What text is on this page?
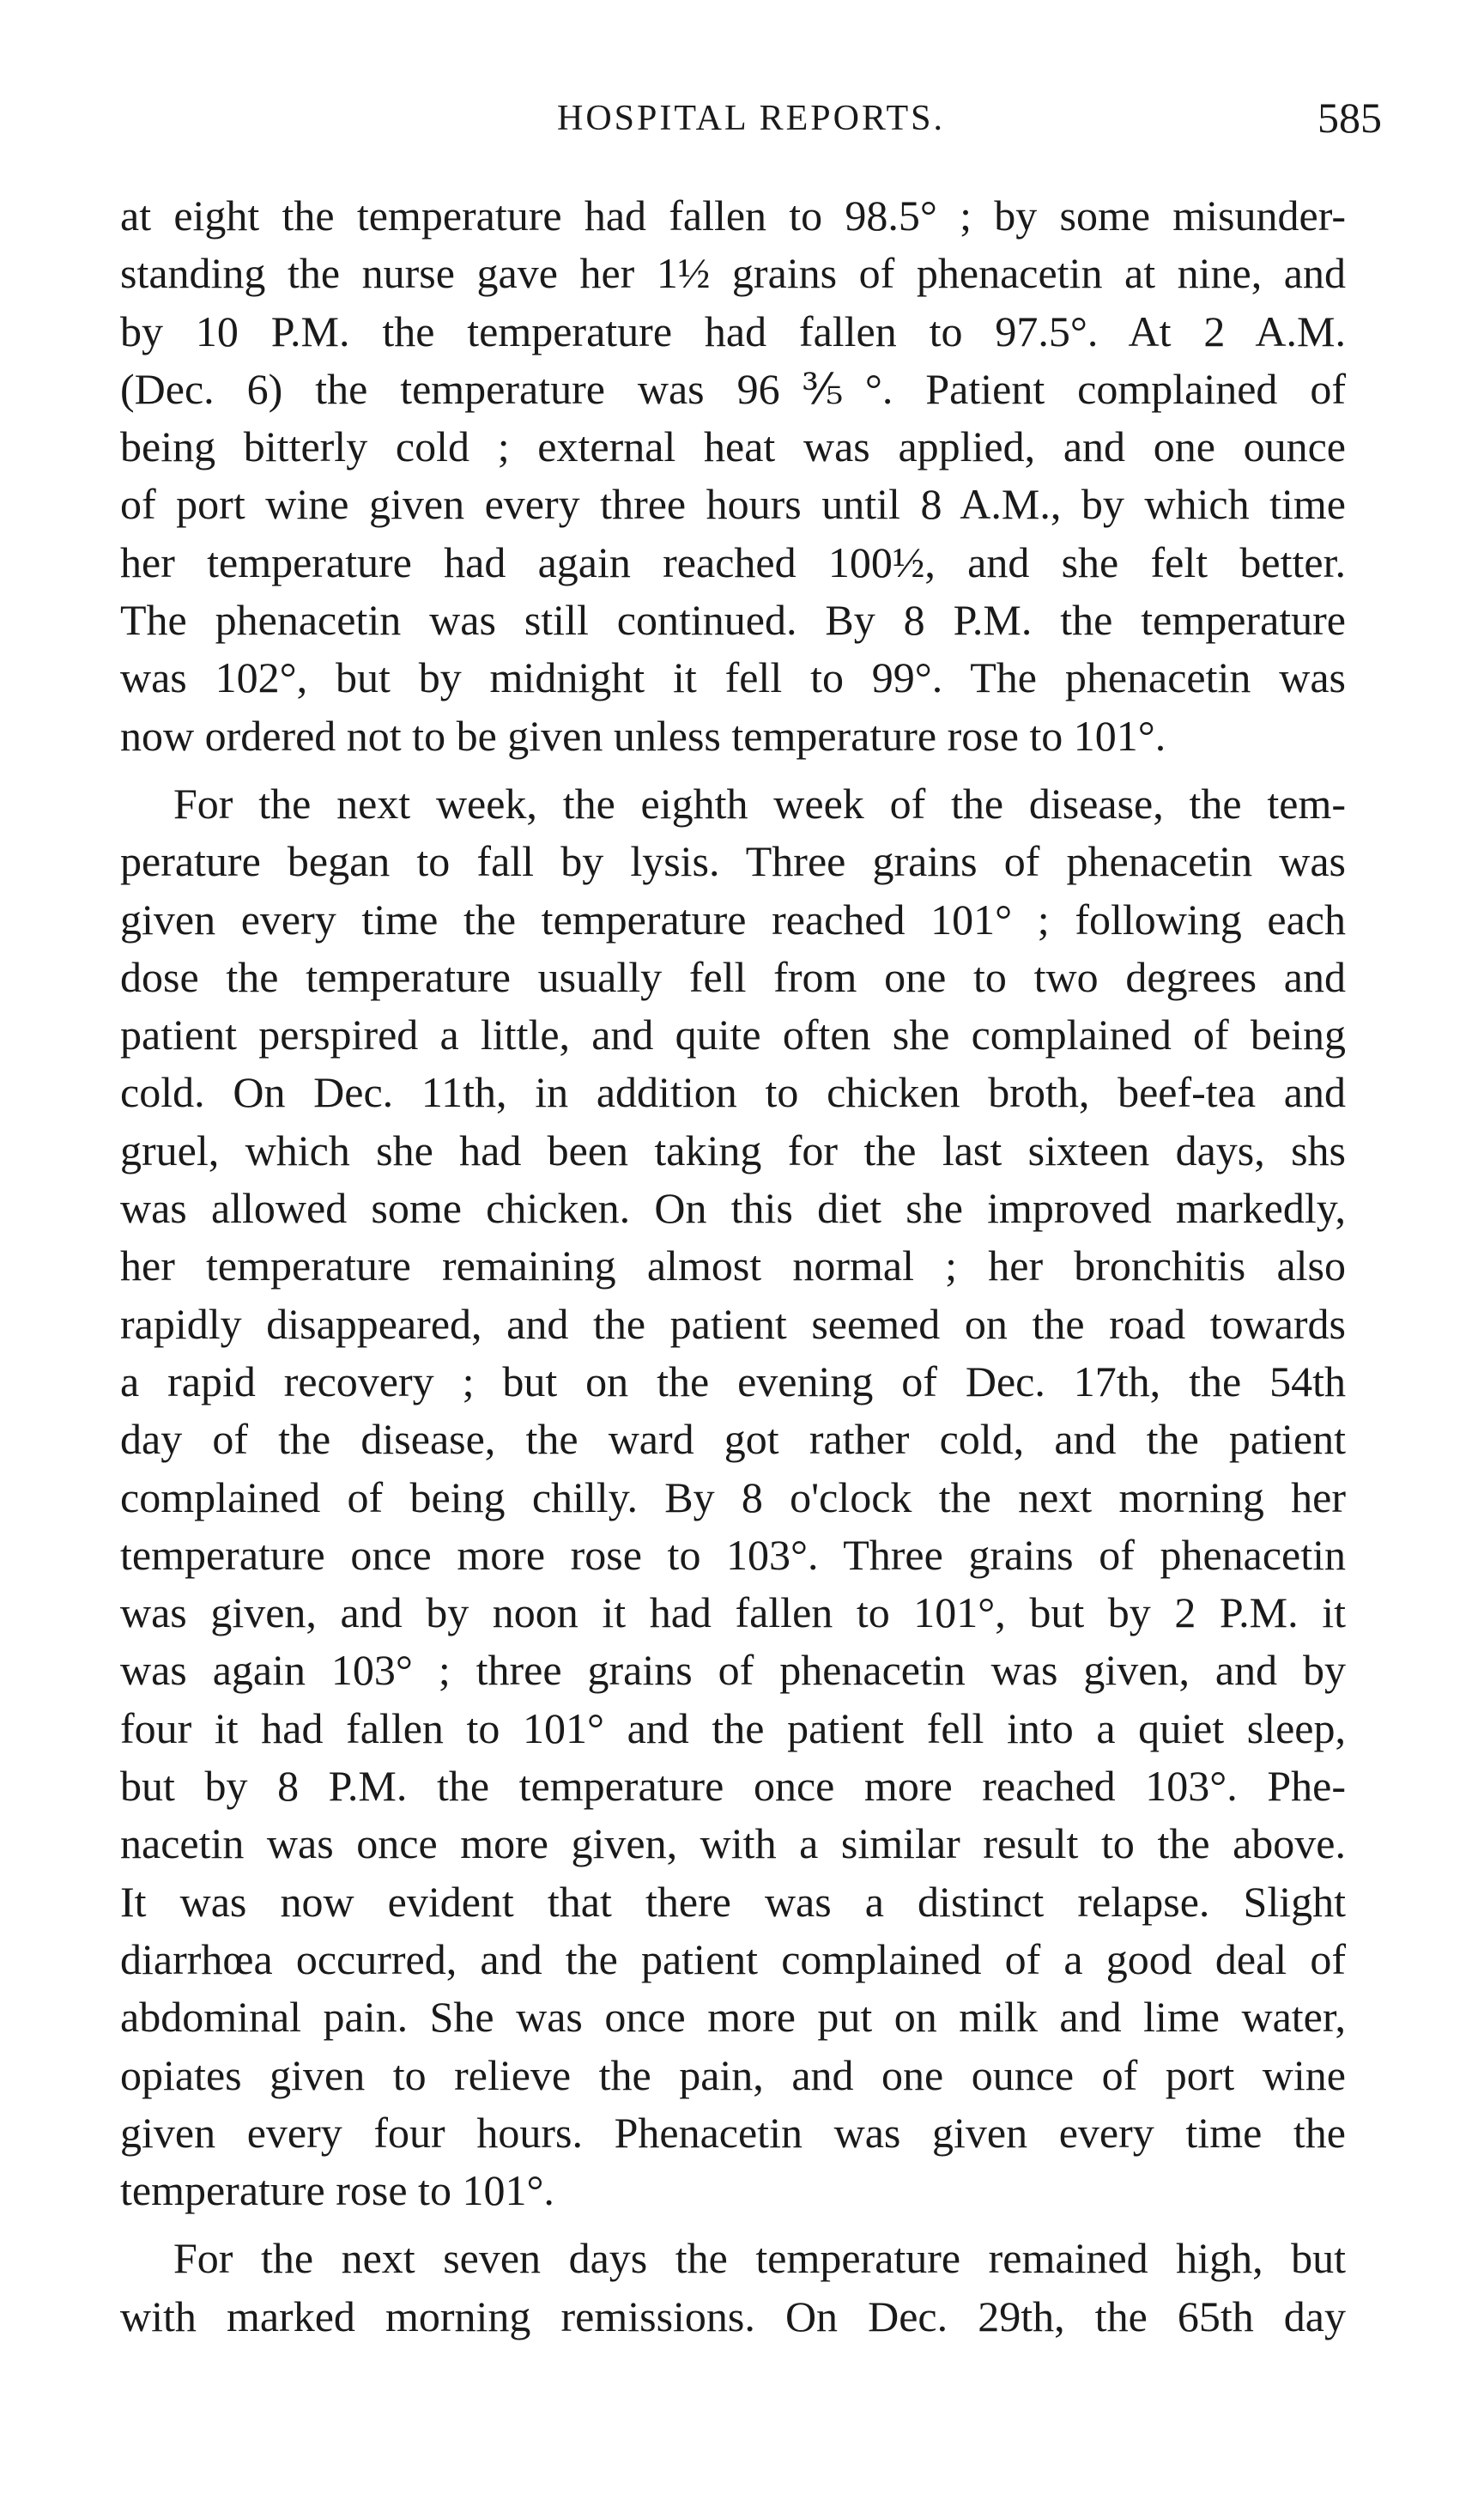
HOSPITAL REPORTS.	585
at eight the temperature had fallen to 98.5° ; by some misunder-
standing the nurse gave her 1½ grains of phenacetin at nine, and
by 10 P.M. the temperature had fallen to 97.5°. At 2 A.M.
(Dec. 6) the temperature was 96⅗°. Patient complained of
being bitterly cold ; external heat was applied, and one ounce
of port wine given every three hours until 8 A.M., by which time
her temperature had again reached 100½, and she felt better.
The phenacetin was still continued. By 8 P.M. the temperature
was 102°, but by midnight it fell to 99°. The phenacetin was
now ordered not to be given unless temperature rose to 101°.
For the next week, the eighth week of the disease, the tem-
perature began to fall by lysis. Three grains of phenacetin was
given every time the temperature reached 101° ; following each
dose the temperature usually fell from one to two degrees and
patient perspired a little, and quite often she complained of being
cold. On Dec. 11th, in addition to chicken broth, beef-tea and
gruel, which she had been taking for the last sixteen days, shs
was allowed some chicken. On this diet she improved markedly,
her temperature remaining almost normal ; her bronchitis also
rapidly disappeared, and the patient seemed on the road towards
a rapid recovery ; but on the evening of Dec. 17th, the 54th
day of the disease, the ward got rather cold, and the patient
complained of being chilly. By 8 o'clock the next morning her
temperature once more rose to 103°. Three grains of phenacetin
was given, and by noon it had fallen to 101°, but by 2 P.M. it
was again 103° ; three grains of phenacetin was given, and by
four it had fallen to 101° and the patient fell into a quiet sleep,
but by 8 P.M. the temperature once more reached 103°. Phe-
nacetin was once more given, with a similar result to the above.
It was now evident that there was a distinct relapse. Slight
diarrhœa occurred, and the patient complained of a good deal of
abdominal pain. She was once more put on milk and lime water,
opiates given to relieve the pain, and one ounce of port wine
given every four hours. Phenacetin was given every time the
temperature rose to 101°.
For the next seven days the temperature remained high, but
with marked morning remissions. On Dec. 29th, the 65th day
